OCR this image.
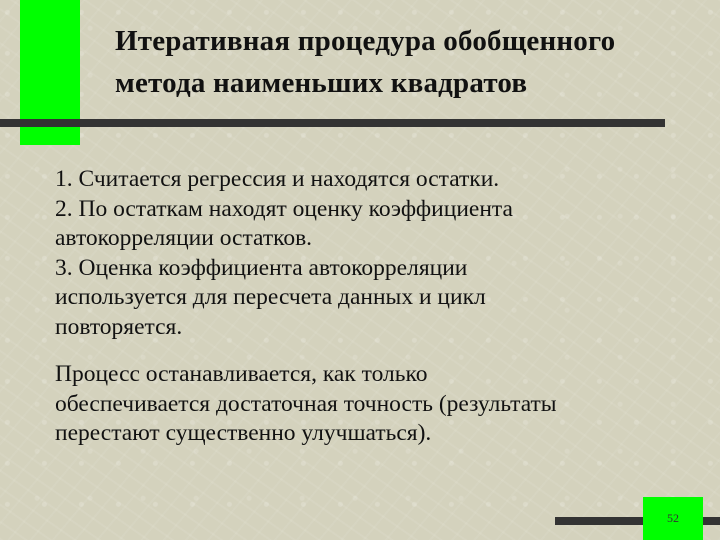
Итеративная процедура обобщенного
метода наименьших квадратов
1. Считается регрессия и находятся остатки.
2. По остаткам находят оценку коэффициента
автокорреляции остатков.
3. Оценка коэффициента автокорреляции
используется для пересчета данных и цикл
повторяется.
Процесс останавливается, как только
обеспечивается достаточная точность (результаты
перестают существенно улучшаться).
52
